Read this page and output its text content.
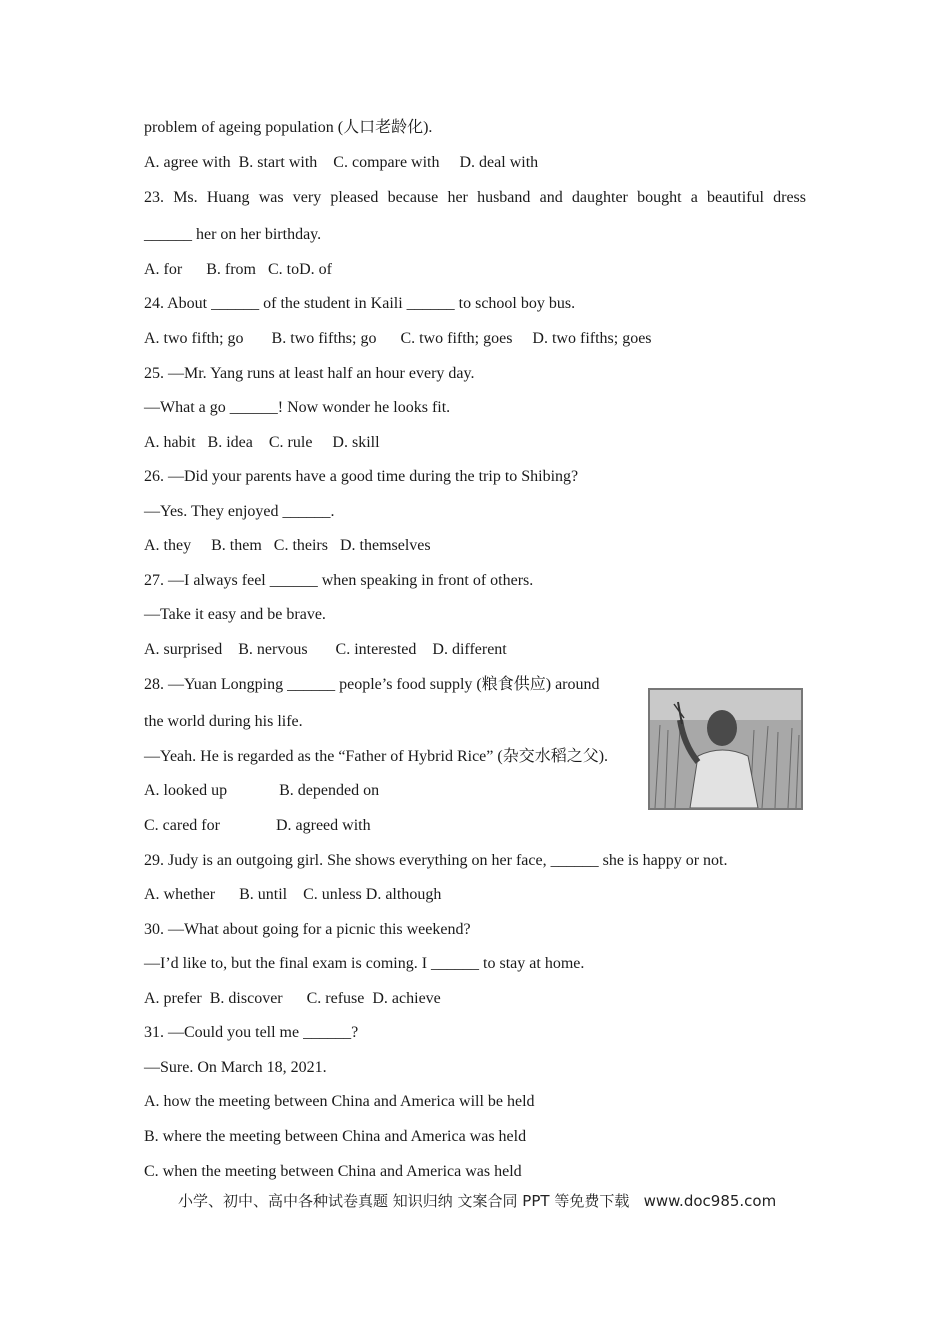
problem of ageing population (人口老龄化).
A. agree with  B. start with    C. compare with     D. deal with
23. Ms. Huang was very pleased because her husband and daughter bought a beautiful dress
______ her on her birthday.
A. for      B. from   C. toD. of
24. About ______ of the student in Kaili ______ to school boy bus.
A. two fifth; go       B. two fifths; go      C. two fifth; goes     D. two fifths; goes
25. —Mr. Yang runs at least half an hour every day.
—What a go ______! Now wonder he looks fit.
A. habit   B. idea    C. rule     D. skill
26. —Did your parents have a good time during the trip to Shibing?
—Yes. They enjoyed ______.
A. they     B. them   C. theirs   D. themselves
27. —I always feel ______ when speaking in front of others.
—Take it easy and be brave.
A. surprised    B. nervous       C. interested    D. different
28. —Yuan Longping ______ people’s food supply (粮食供应) around
the world during his life.
—Yeah. He is regarded as the “Father of Hybrid Rice” (杂交水稻之父).
A. looked up             B. depended on
C. cared for              D. agreed with
29. Judy is an outgoing girl. She shows everything on her face, ______ she is happy or not.
A. whether      B. until    C. unless D. although
30. —What about going for a picnic this weekend?
—I’d like to, but the final exam is coming. I ______ to stay at home.
A. prefer  B. discover      C. refuse  D. achieve
31. —Could you tell me ______?
—Sure. On March 18, 2021.
A. how the meeting between China and America will be held
B. where the meeting between China and America was held
C. when the meeting between China and America was held
小学、初中、高中各种试卷真题 知识归纳 文案合同 PPT 等免费下载   www.doc985.com
